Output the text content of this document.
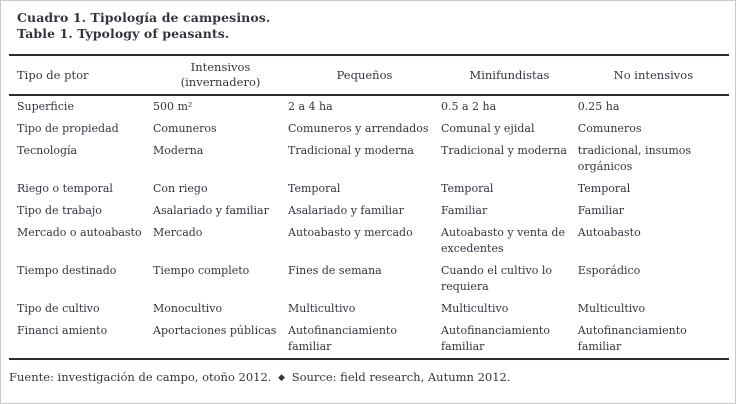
Cuadro 1. Tipología de campesinos.
Table 1. Typology of peasants.
Tipo de ptor	Intensivos (invernadero)	Pequeños	Minifundistas	No intensivos
Superficie	500 m²	2 a 4 ha	0.5 a 2 ha	0.25 ha
Tipo de propiedad	Comuneros	Comuneros y arrendados	Comunal y ejidal	Comuneros
Tecnología	Moderna	Tradicional y moderna	Tradicional y moderna	tradicional, insumos orgánicos
Riego o temporal	Con riego	Temporal	Temporal	Temporal
Tipo de trabajo	Asalariado y familiar	Asalariado y familiar	Familiar	Familiar
Mercado o autoabasto	Mercado	Autoabasto y mercado	Autoabasto y venta de excedentes	Autoabasto
Tiempo destinado	Tiempo completo	Fines de semana	Cuando el cultivo lo requiera	Esporádico
Tipo de cultivo	Monocultivo	Multicultivo	Multicultivo	Multicultivo
Financi amiento	Aportaciones públicas	Autofinanciamiento familiar	Autofinanciamiento familiar	Autofinanciamiento familiar
Fuente: investigación de campo, otoño 2012. ◆ Source: field research, Autumn 2012.
